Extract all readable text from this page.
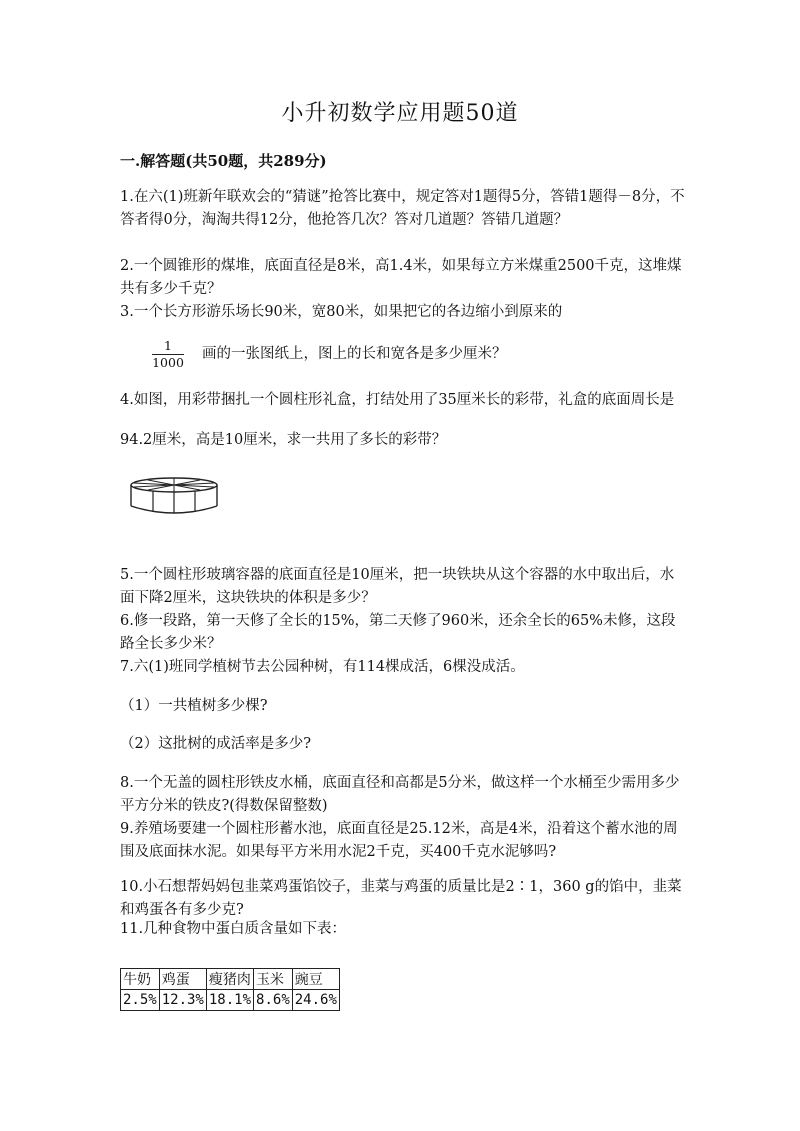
小升初数学应用题50道
一.解答题(共50题，共289分)
1.在六(1)班新年联欢会的“猜谜”抢答比赛中，规定答对1题得5分，答错1题得－8分，不答者得0分，淘淘共得12分，他抢答几次？答对几道题？答错几道题？
2.一个圆锥形的煤堆，底面直径是8米，高1.4米，如果每立方米煤重2500千克，这堆煤共有多少千克？
3.一个长方形游乐场长90米，宽80米，如果把它的各边缩小到原来的
1
1000
画的一张图纸上，图上的长和宽各是多少厘米？
4.如图，用彩带捆扎一个圆柱形礼盒，打结处用了35厘米长的彩带，礼盒的底面周长是94.2厘米，高是10厘米，求一共用了多长的彩带？
5.一个圆柱形玻璃容器的底面直径是10厘米，把一块铁块从这个容器的水中取出后，水面下降2厘米，这块铁块的体积是多少？
6.修一段路，第一天修了全长的15%，第二天修了960米，还余全长的65%未修，这段路全长多少米？
7.六(1)班同学植树节去公园种树，有114棵成活，6棵没成活。
（1）一共植树多少棵?
（2）这批树的成活率是多少?
8.一个无盖的圆柱形铁皮水桶，底面直径和高都是5分米，做这样一个水桶至少需用多少平方分米的铁皮?(得数保留整数)
9.养殖场要建一个圆柱形蓄水池，底面直径是25.12米，高是4米，沿着这个蓄水池的周围及底面抹水泥。如果每平方米用水泥2千克，买400千克水泥够吗?
10.小石想帮妈妈包韭菜鸡蛋馅饺子，韭菜与鸡蛋的质量比是2∶1，360 g的馅中，韭菜和鸡蛋各有多少克?
11.几种食物中蛋白质含量如下表：
牛奶	鸡蛋	瘦猪肉	玉米	豌豆
2.5%	12.3%	18.1%	8.6%	24.6%
